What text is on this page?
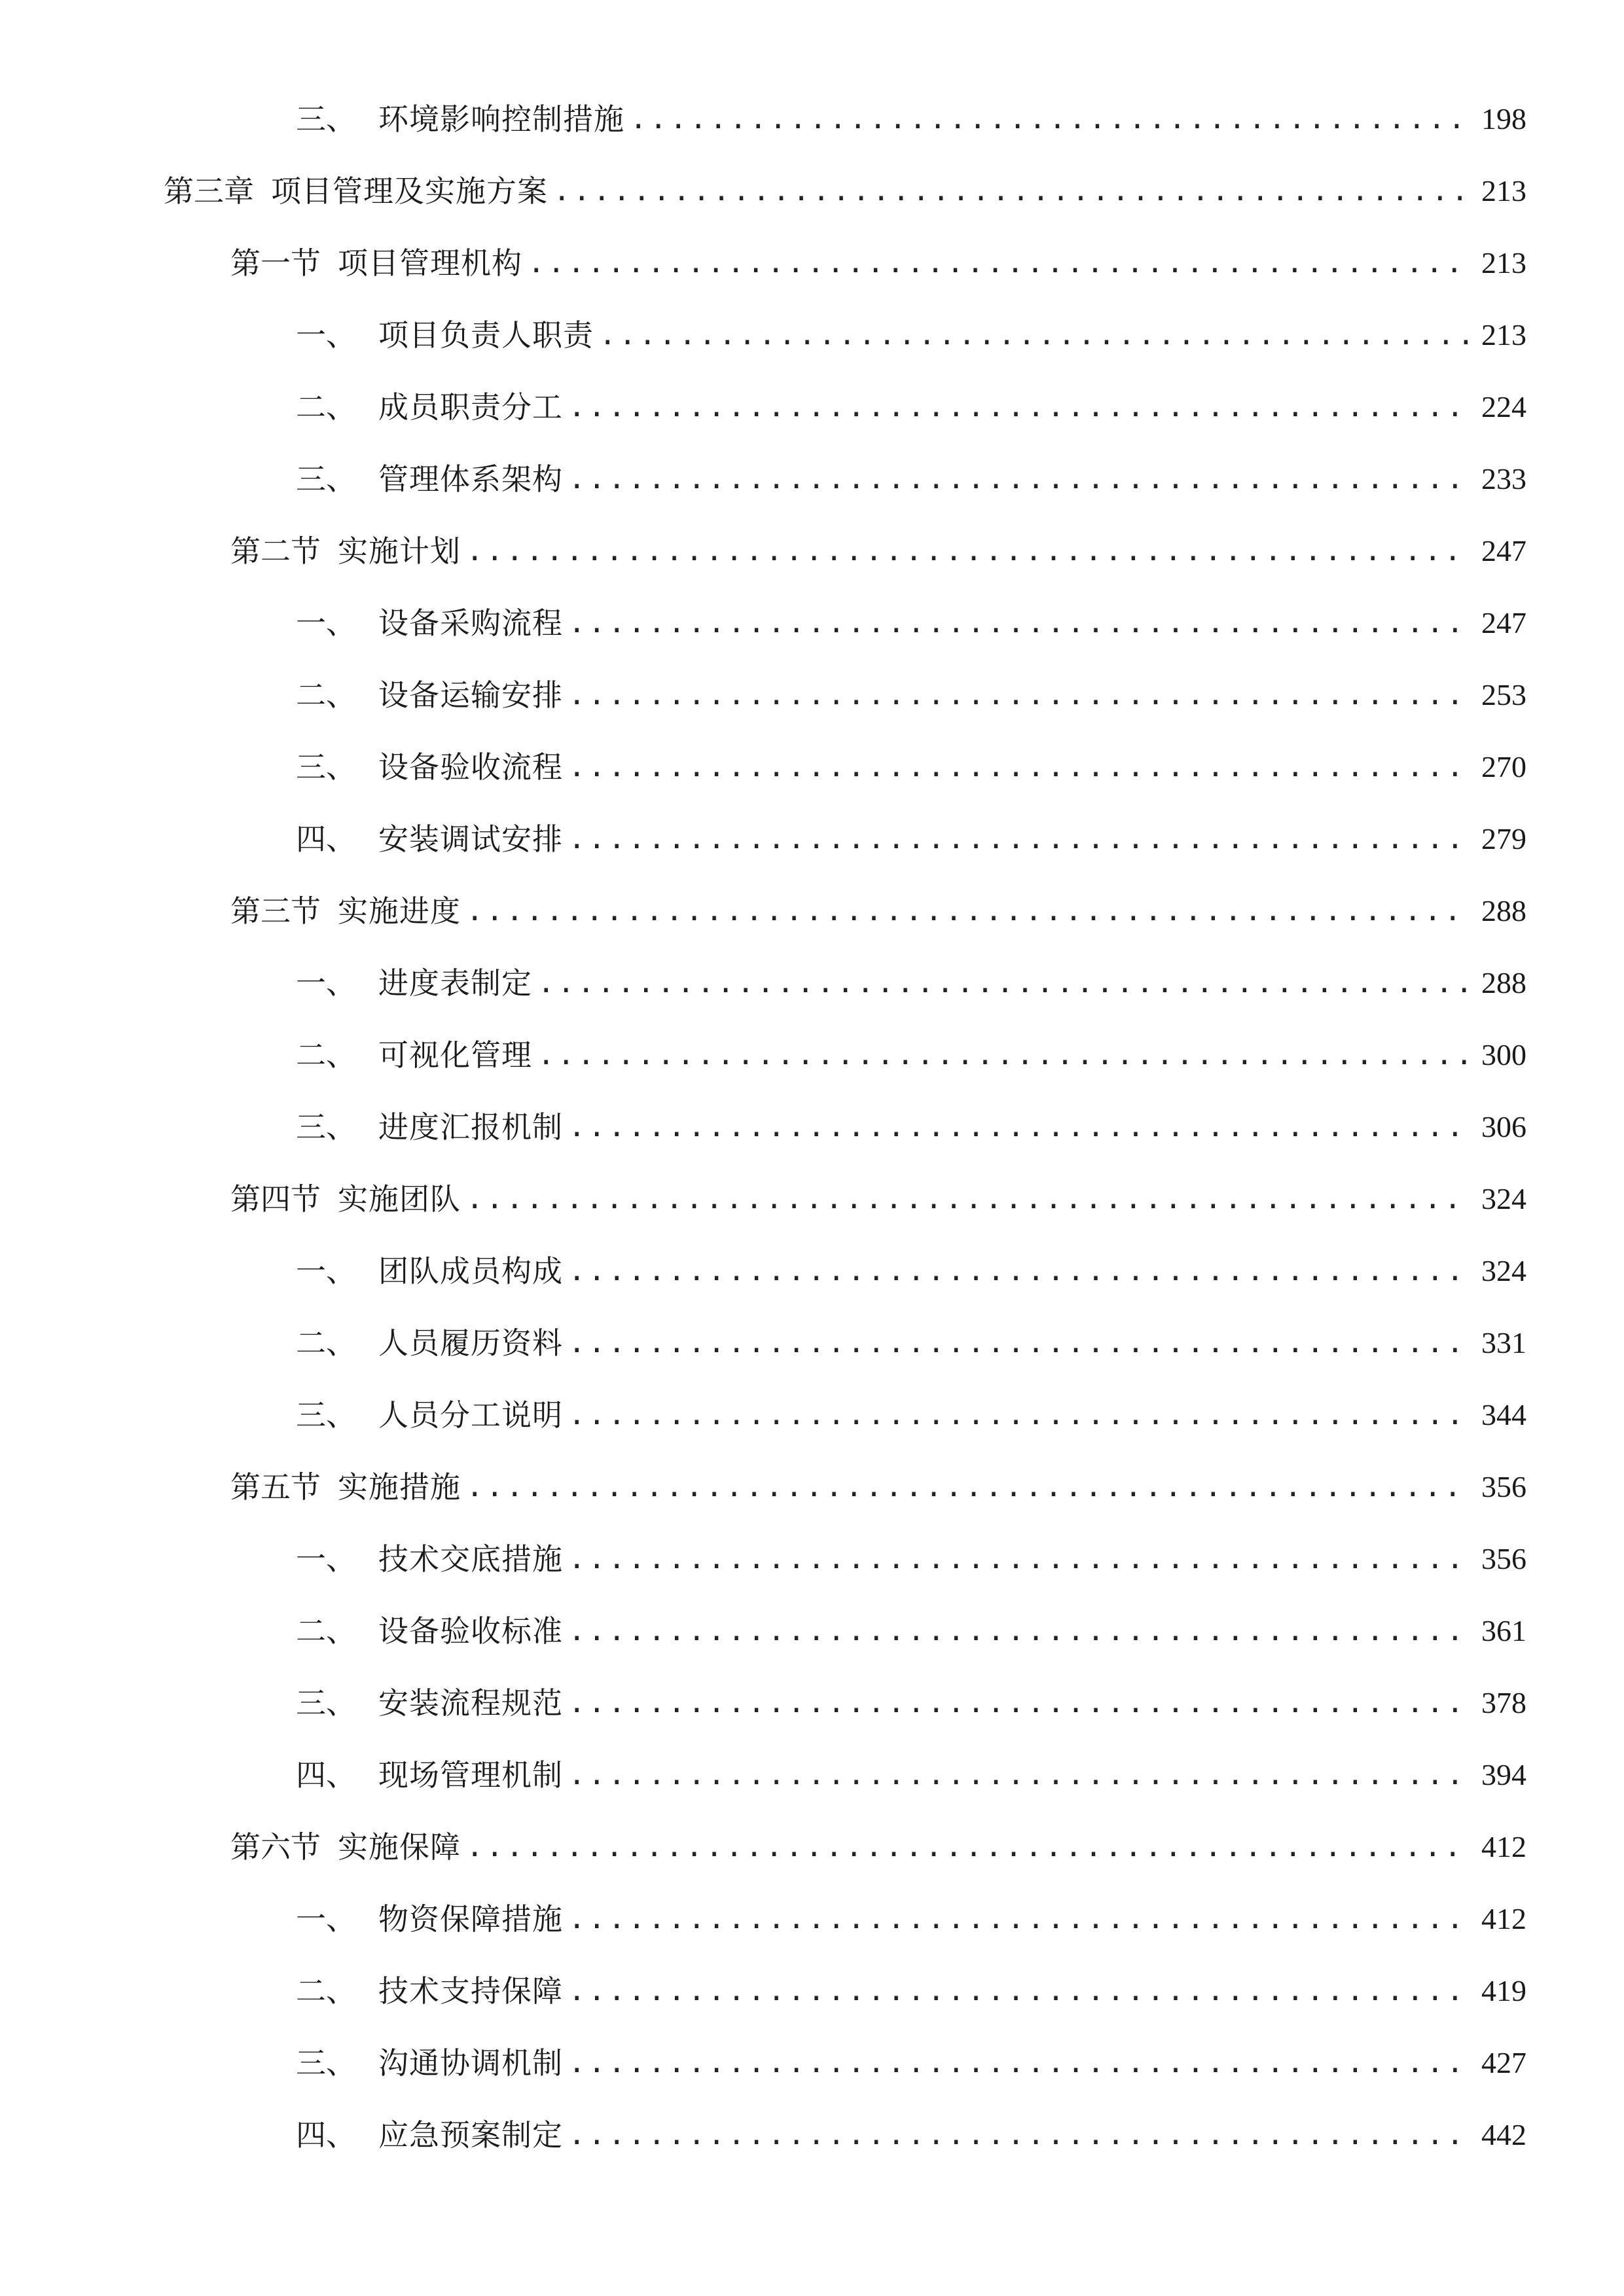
三、 环境影响控制措施 .....	198
第三章 项目管理及实施方案 .....	213
第一节 项目管理机构 .....	213
一、 项目负责人职责 .....	213
二、 成员职责分工 .....	224
三、 管理体系架构 .....	233
第二节 实施计划 .....	247
一、 设备采购流程 .....	247
二、 设备运输安排 .....	253
三、 设备验收流程 .....	270
四、 安装调试安排 .....	279
第三节 实施进度 .....	288
一、 进度表制定 .....	288
二、 可视化管理 .....	300
三、 进度汇报机制 .....	306
第四节 实施团队 .....	324
一、 团队成员构成 .....	324
二、 人员履历资料 .....	331
三、 人员分工说明 .....	344
第五节 实施措施 .....	356
一、 技术交底措施 .....	356
二、 设备验收标准 .....	361
三、 安装流程规范 .....	378
四、 现场管理机制 .....	394
第六节 实施保障 .....	412
一、 物资保障措施 .....	412
二、 技术支持保障 .....	419
三、 沟通协调机制 .....	427
四、 应急预案制定 .....	442
